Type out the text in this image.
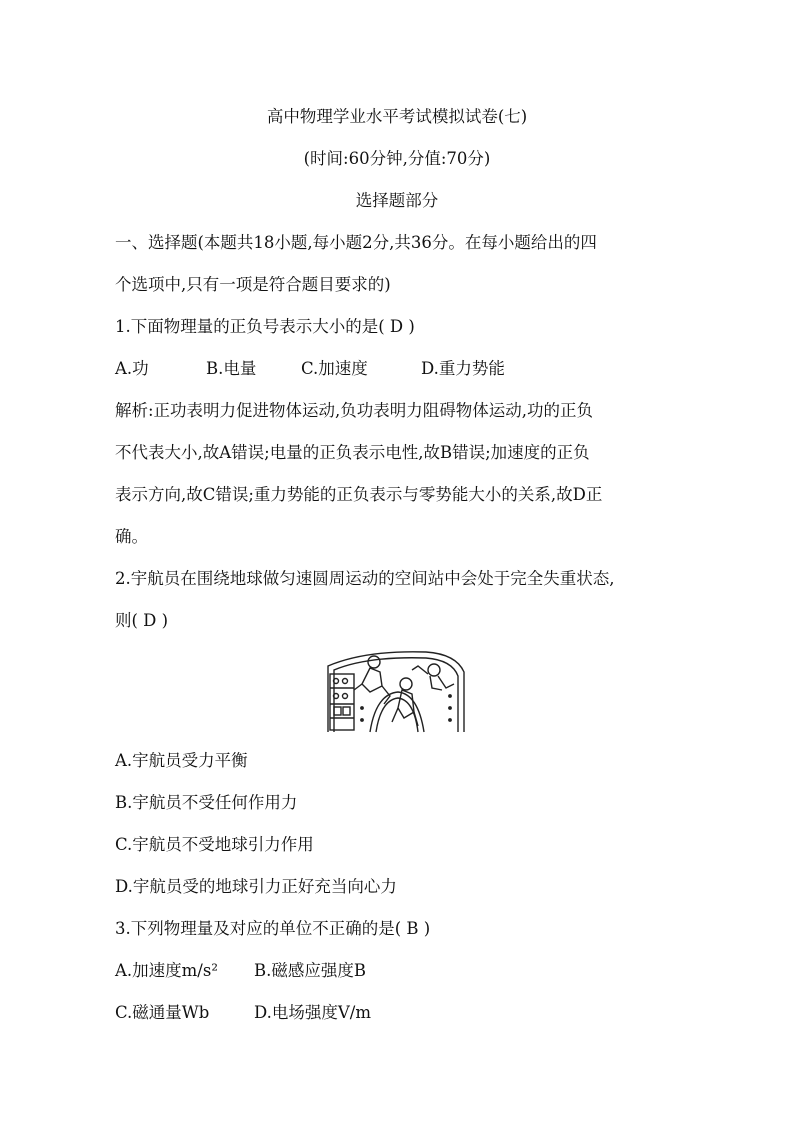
高中物理学业水平考试模拟试卷(七)
(时间:60分钟,分值:70分)
选择题部分
一、选择题(本题共18小题,每小题2分,共36分。在每小题给出的四
个选项中,只有一项是符合题目要求的)
1.下面物理量的正负号表示大小的是( D )
A.功	B.电量	C.加速度	D.重力势能
解析:正功表明力促进物体运动,负功表明力阻碍物体运动,功的正负
不代表大小,故A错误;电量的正负表示电性,故B错误;加速度的正负
表示方向,故C错误;重力势能的正负表示与零势能大小的关系,故D正
确。
2.宇航员在围绕地球做匀速圆周运动的空间站中会处于完全失重状态,
则( D )
A.宇航员受力平衡
B.宇航员不受任何作用力
C.宇航员不受地球引力作用
D.宇航员受的地球引力正好充当向心力
3.下列物理量及对应的单位不正确的是( B )
A.加速度m/s² B.磁感应强度B
C.磁通量Wb	D.电场强度V/m
